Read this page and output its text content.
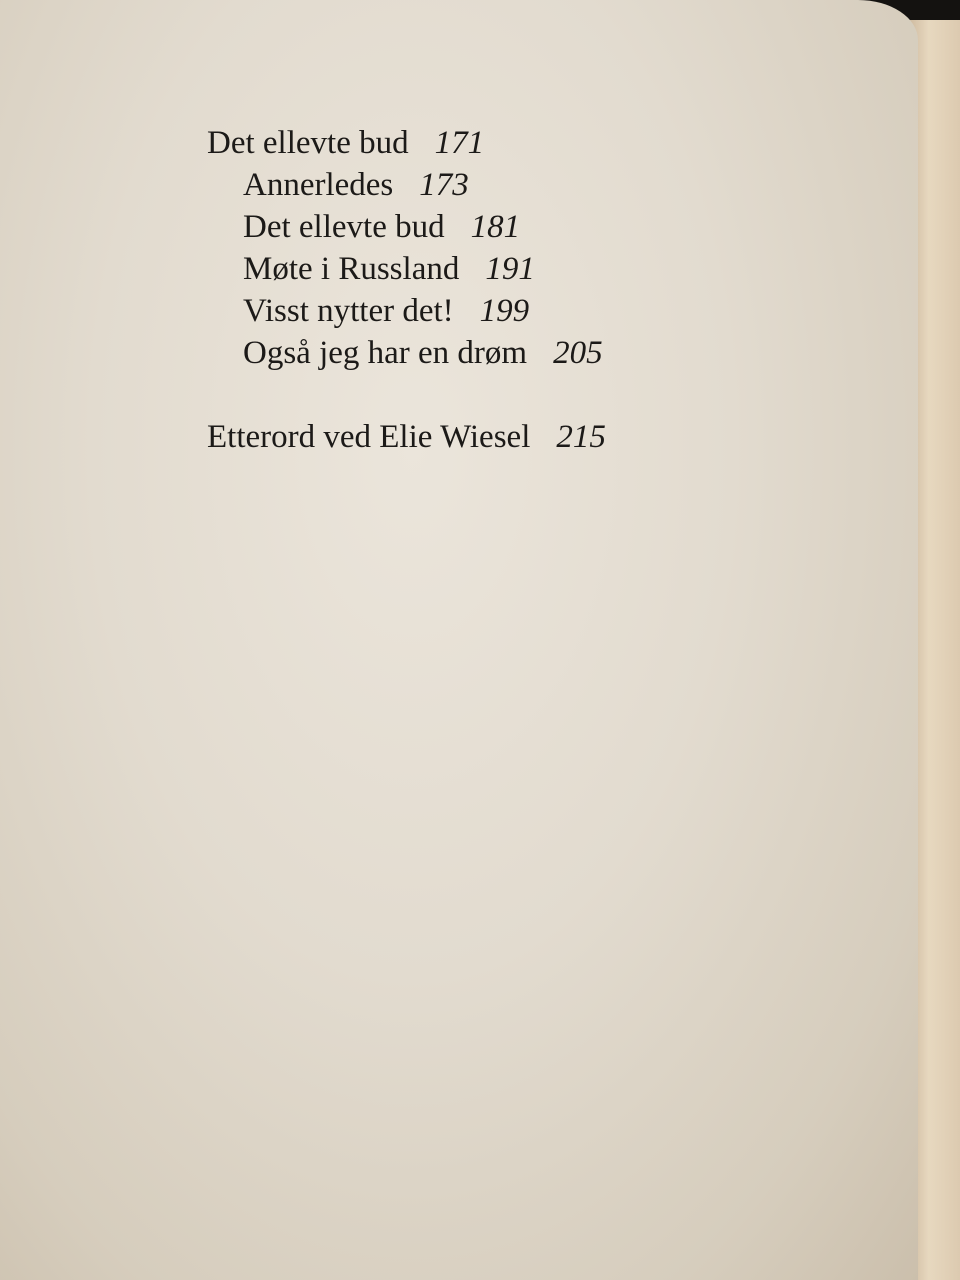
Det ellevte bud 171
Annerledes 173
Det ellevte bud 181
Møte i Russland 191
Visst nytter det! 199
Også jeg har en drøm 205
Etterord ved Elie Wiesel 215
